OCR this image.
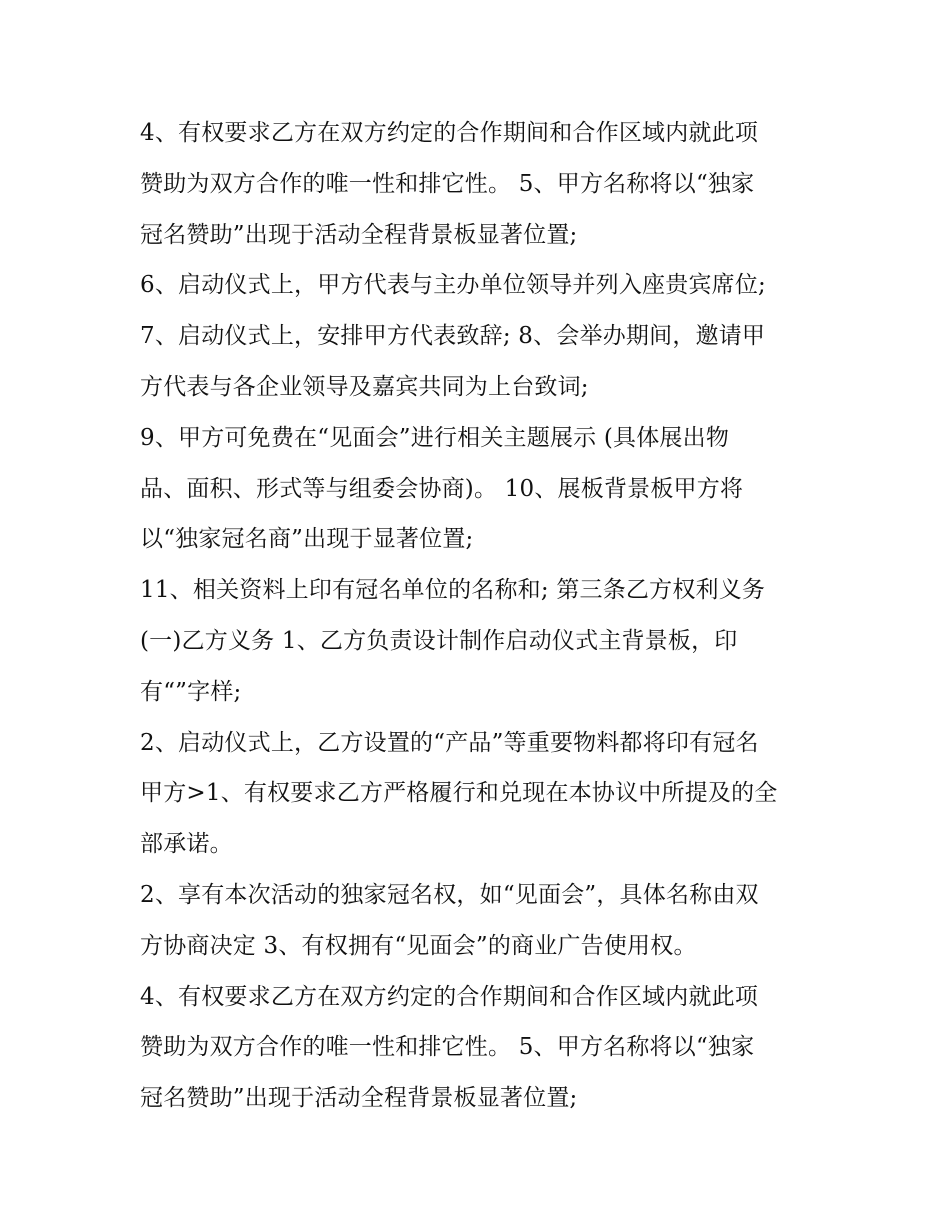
4、有权要求乙方在双方约定的合作期间和合作区域内就此项
赞助为双方合作的唯一性和排它性。 5、甲方名称将以“独家
冠名赞助”出现于活动全程背景板显著位置;
6、启动仪式上，甲方代表与主办单位领导并列入座贵宾席位;
7、启动仪式上，安排甲方代表致辞; 8、会举办期间，邀请甲
方代表与各企业领导及嘉宾共同为上台致词;
9、甲方可免费在“见面会”进行相关主题展示 (具体展出物
品、面积、形式等与组委会协商)。 10、展板背景板甲方将
以“独家冠名商”出现于显著位置;
11、相关资料上印有冠名单位的名称和; 第三条乙方权利义务
(一)乙方义务 1、乙方负责设计制作启动仪式主背景板，印
有“”字样;
2、启动仪式上，乙方设置的“产品”等重要物料都将印有冠名
甲方>1、有权要求乙方严格履行和兑现在本协议中所提及的全
部承诺。
2、享有本次活动的独家冠名权，如“见面会”，具体名称由双
方协商决定 3、有权拥有“见面会”的商业广告使用权。
4、有权要求乙方在双方约定的合作期间和合作区域内就此项
赞助为双方合作的唯一性和排它性。 5、甲方名称将以“独家
冠名赞助”出现于活动全程背景板显著位置;
